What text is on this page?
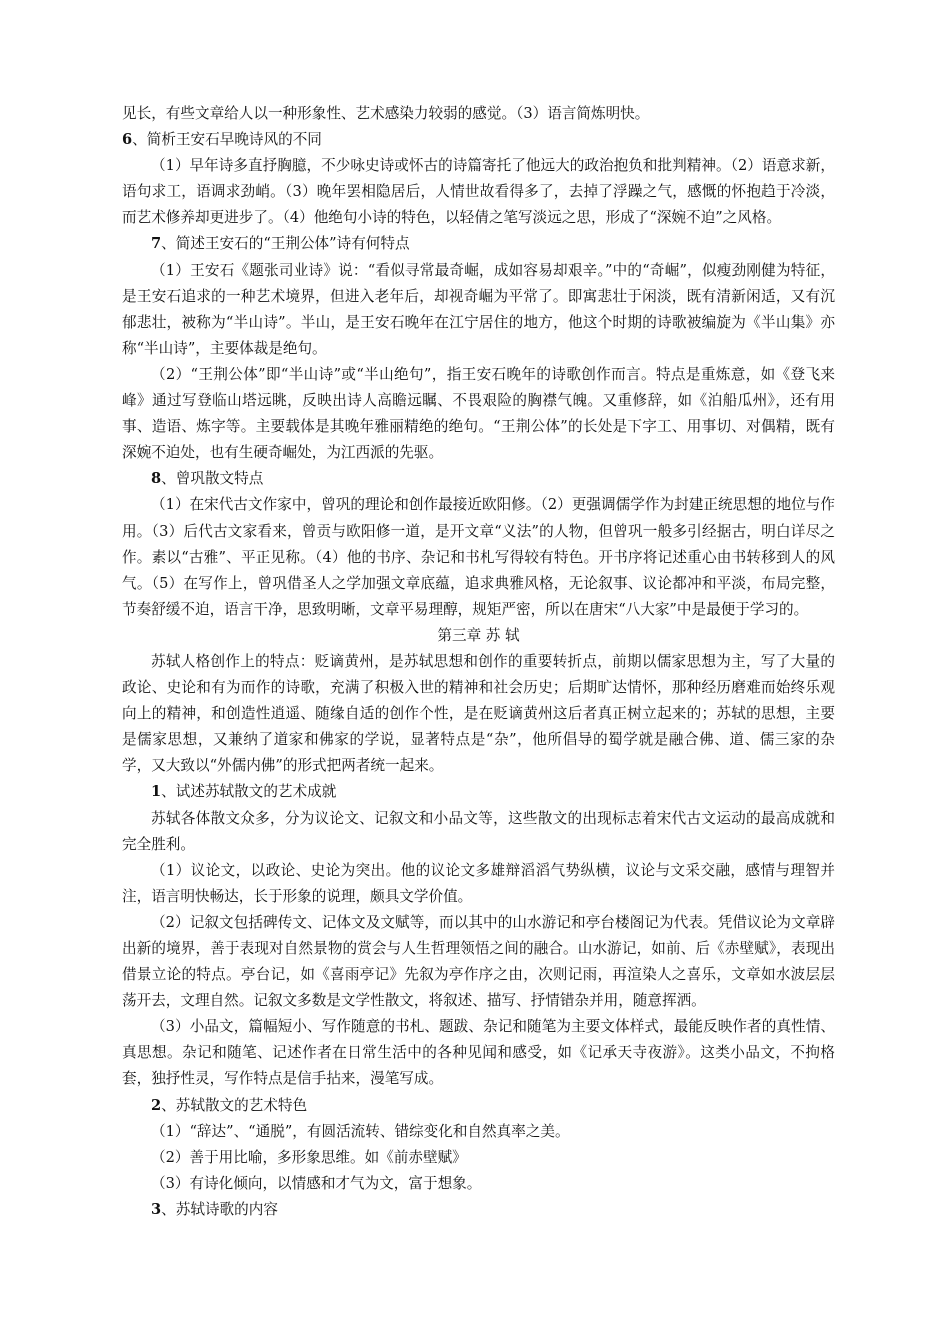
见长，有些文章给人以一种形象性、艺术感染力较弱的感觉。（3）语言简炼明快。

6、简析王安石早晚诗风的不同

（1）早年诗多直抒胸臆，不少咏史诗或怀古的诗篇寄托了他远大的政治抱负和批判精神。（2）语意求新，语句求工，语调求劲峭。（3）晚年罢相隐居后，人情世故看得多了，去掉了浮躁之气，感慨的怀抱趋于冷淡，而艺术修养却更进步了。（4）他绝句小诗的特色，以轻倩之笔写淡远之思，形成了“深婉不迫”之风格。

7、简述王安石的“王荆公体”诗有何特点

（1）王安石《题张司业诗》说：“看似寻常最奇崛，成如容易却艰辛。”中的“奇崛”，似瘦劲刚健为特征，是王安石追求的一种艺术境界，但进入老年后，却视奇崛为平常了。即寓悲壮于闲淡，既有清新闲适，又有沉郁悲壮，被称为“半山诗”。半山，是王安石晚年在江宁居住的地方，他这个时期的诗歌被编旋为《半山集》亦称“半山诗”，主要体裁是绝句。

（2）“王荆公体”即“半山诗”或“半山绝句”，指王安石晚年的诗歌创作而言。特点是重炼意，如《登飞来峰》通过写登临山塔远眺，反映出诗人高瞻远瞩、不畏艰险的胸襟气魄。又重修辞，如《泊船瓜州》，还有用事、造语、炼字等。主要载体是其晚年雅丽精绝的绝句。“王荆公体”的长处是下字工、用事切、对偶精，既有深婉不迫处，也有生硬奇崛处，为江西派的先驱。

8、曾巩散文特点

（1）在宋代古文作家中，曾巩的理论和创作最接近欧阳修。（2）更强调儒学作为封建正统思想的地位与作用。（3）后代古文家看来，曾贡与欧阳修一道，是开文章“义法”的人物，但曾巩一般多引经据古，明白详尽之作。素以“古雅”、平正见称。（4）他的书序、杂记和书札写得较有特色。开书序将记述重心由书转移到人的风气。（5）在写作上，曾巩借圣人之学加强文章底蕴，追求典雅风格，无论叙事、议论都冲和平淡，布局完整，节奏舒缓不迫，语言干净，思致明晰，文章平易理醇，规矩严密，所以在唐宋“八大家”中是最便于学习的。

第三章 苏 轼

苏轼人格创作上的特点：贬谪黄州，是苏轼思想和创作的重要转折点，前期以儒家思想为主，写了大量的政论、史论和有为而作的诗歌，充满了积极入世的精神和社会历史；后期旷达情怀，那种经历磨难而始终乐观向上的精神，和创造性逍遥、随缘自适的创作个性，是在贬谪黄州这后者真正树立起来的；苏轼的思想，主要是儒家思想，又兼纳了道家和佛家的学说，显著特点是“杂”，他所倡导的蜀学就是融合佛、道、儒三家的杂学，又大致以“外儒内佛”的形式把两者统一起来。

1、试述苏轼散文的艺术成就

苏轼各体散文众多，分为议论文、记叙文和小品文等，这些散文的出现标志着宋代古文运动的最高成就和完全胜利。

（1）议论文，以政论、史论为突出。他的议论文多雄辩滔滔气势纵横，议论与文采交融，感情与理智并注，语言明快畅达，长于形象的说理，颇具文学价值。

（2）记叙文包括碑传文、记体文及文赋等，而以其中的山水游记和亭台楼阁记为代表。凭借议论为文章辟出新的境界，善于表现对自然景物的赏会与人生哲理领悟之间的融合。山水游记，如前、后《赤壁赋》，表现出借景立论的特点。亭台记，如《喜雨亭记》先叙为亭作序之由，次则记雨，再渲染人之喜乐，文章如水波层层荡开去，文理自然。记叙文多数是文学性散文，将叙述、描写、抒情错杂并用，随意挥洒。

（3）小品文，篇幅短小、写作随意的书札、题跋、杂记和随笔为主要文体样式，最能反映作者的真性情、真思想。杂记和随笔、记述作者在日常生活中的各种见闻和感受，如《记承天寺夜游》。这类小品文，不拘格套，独抒性灵，写作特点是信手拈来，漫笔写成。

2、苏轼散文的艺术特色

（1）“辞达”、“通脱”，有圆活流转、错综变化和自然真率之美。

（2）善于用比喻，多形象思维。如《前赤壁赋》

（3）有诗化倾向，以情感和才气为文，富于想象。

3、苏轼诗歌的内容
